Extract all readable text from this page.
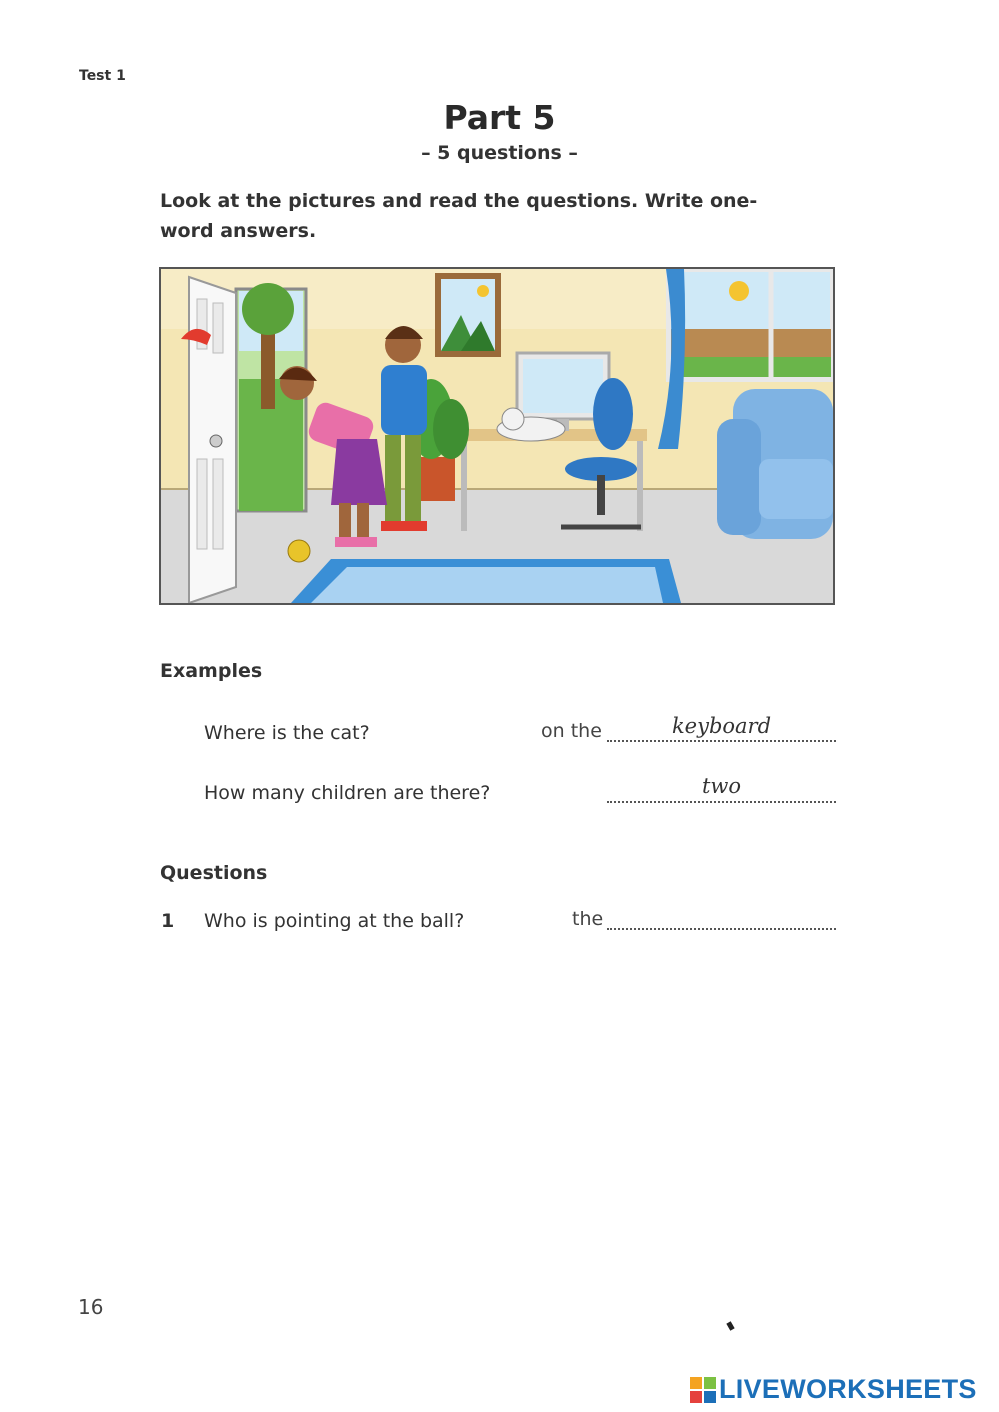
Test 1
Part 5
– 5 questions –
Look at the pictures and read the questions. Write one-word answers.
Examples
Where is the cat?	on the	keyboard
How many children are there?	two
Questions
1 Who is pointing at the ball?	the
16
LIVEWORKSHEETS
